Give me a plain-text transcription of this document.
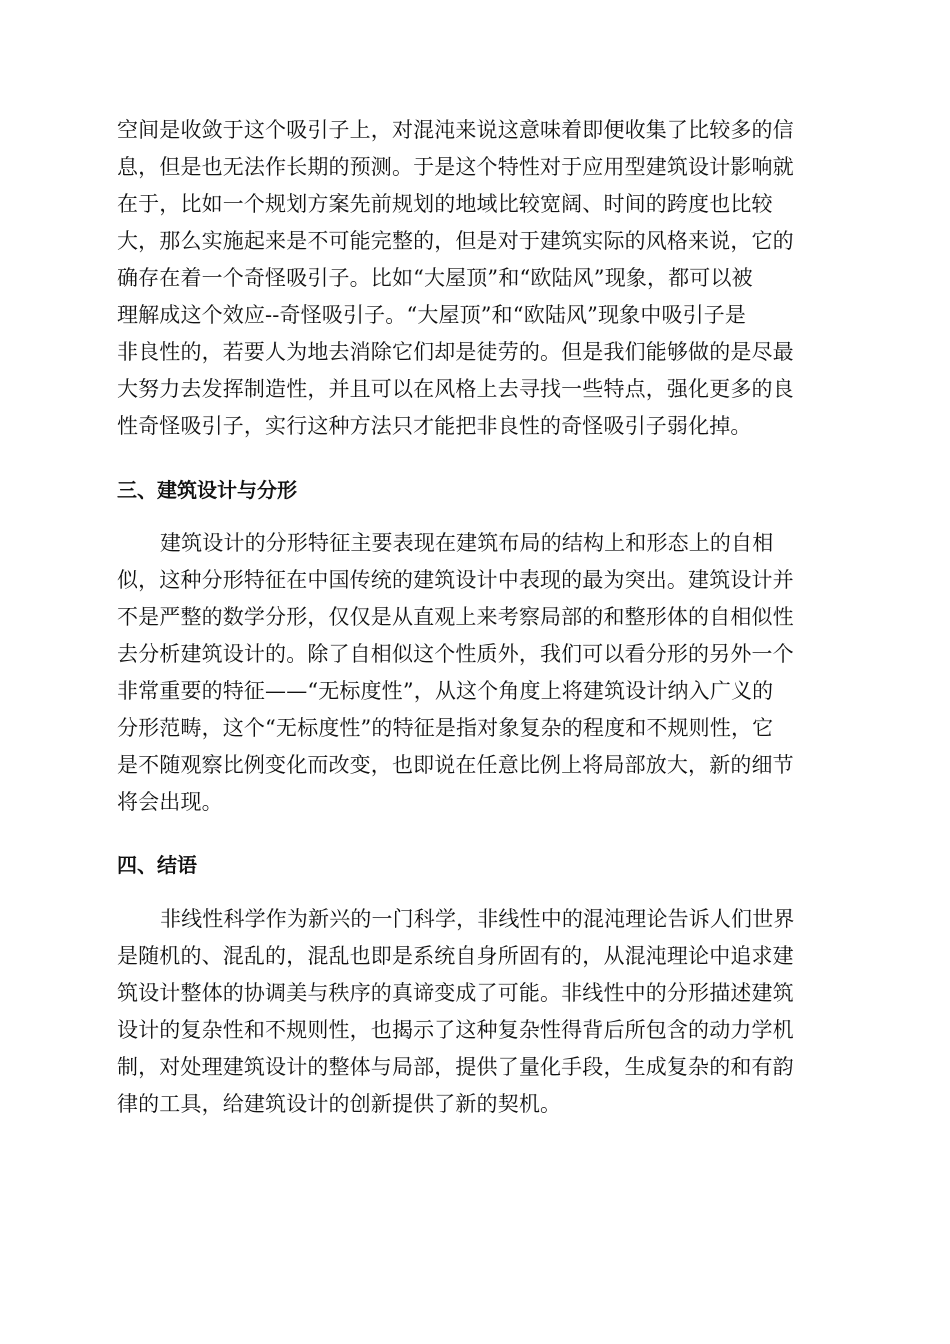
空间是收敛于这个吸引子上，对混沌来说这意味着即便收集了比较多的信
息，但是也无法作长期的预测。于是这个特性对于应用型建筑设计影响就
在于，比如一个规划方案先前规划的地域比较宽阔、时间的跨度也比较
大，那么实施起来是不可能完整的，但是对于建筑实际的风格来说，它的
确存在着一个奇怪吸引子。比如“大屋顶”和“欧陆风”现象，都可以被
理解成这个效应--奇怪吸引子。“大屋顶”和“欧陆风”现象中吸引子是
非良性的，若要人为地去消除它们却是徒劳的。但是我们能够做的是尽最
大努力去发挥制造性，并且可以在风格上去寻找一些特点，强化更多的良
性奇怪吸引子，实行这种方法只才能把非良性的奇怪吸引子弱化掉。
三、建筑设计与分形
建筑设计的分形特征主要表现在建筑布局的结构上和形态上的自相
似，这种分形特征在中国传统的建筑设计中表现的最为突出。建筑设计并
不是严整的数学分形，仅仅是从直观上来考察局部的和整形体的自相似性
去分析建筑设计的。除了自相似这个性质外，我们可以看分形的另外一个
非常重要的特征——“无标度性”，从这个角度上将建筑设计纳入广义的
分形范畴，这个“无标度性”的特征是指对象复杂的程度和不规则性，它
是不随观察比例变化而改变，也即说在任意比例上将局部放大，新的细节
将会出现。
四、结语
非线性科学作为新兴的一门科学，非线性中的混沌理论告诉人们世界
是随机的、混乱的，混乱也即是系统自身所固有的，从混沌理论中追求建
筑设计整体的协调美与秩序的真谛变成了可能。非线性中的分形描述建筑
设计的复杂性和不规则性，也揭示了这种复杂性得背后所包含的动力学机
制，对处理建筑设计的整体与局部，提供了量化手段，生成复杂的和有韵
律的工具，给建筑设计的创新提供了新的契机。
